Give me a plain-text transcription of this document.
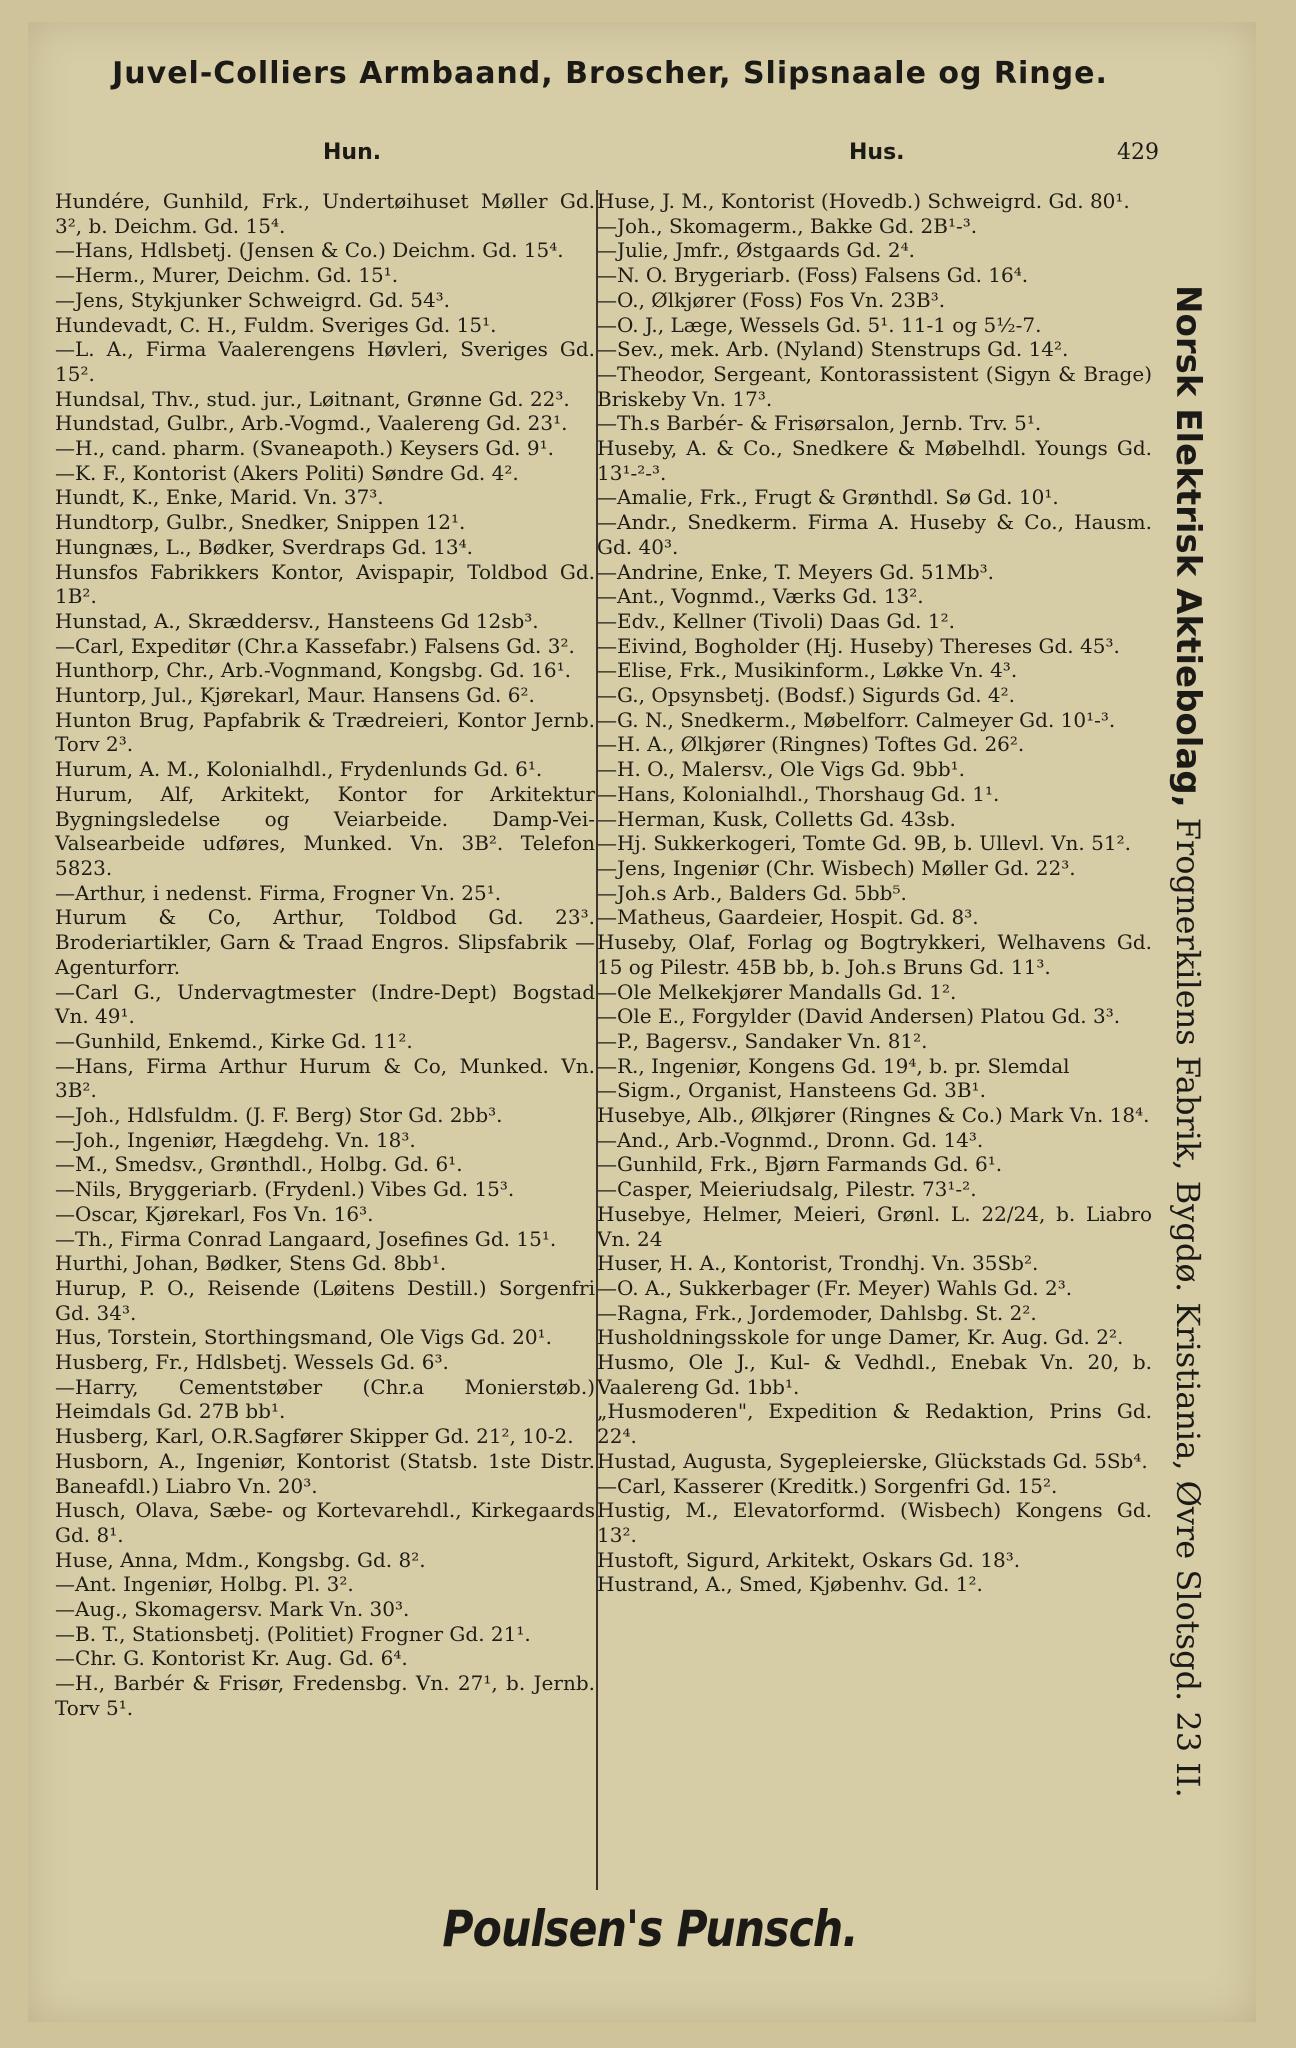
Juvel-Colliers Armbaand, Broscher, Slipsnaale og Ringe.
Hun.	Hus.	429

Hundére, Gunhild, Frk., Undertøihuset Møller Gd. 3², b. Deichm. Gd. 15⁴.

—Hans, Hdlsbetj. (Jensen & Co.) Deichm. Gd. 15⁴.

—Herm., Murer, Deichm. Gd. 15¹.

—Jens, Stykjunker Schweigrd. Gd. 54³.

Hundevadt, C. H., Fuldm. Sveriges Gd. 15¹.

—L. A., Firma Vaalerengens Høvleri, Sveriges Gd. 15².

Hundsal, Thv., stud. jur., Løitnant, Grønne Gd. 22³.

Hundstad, Gulbr., Arb.-Vogmd., Vaalereng Gd. 23¹.

—H., cand. pharm. (Svaneapoth.) Keysers Gd. 9¹.

—K. F., Kontorist (Akers Politi) Søndre Gd. 4².

Hundt, K., Enke, Marid. Vn. 37³.

Hundtorp, Gulbr., Snedker, Snippen 12¹.

Hungnæs, L., Bødker, Sverdraps Gd. 13⁴.

Hunsfos Fabrikkers Kontor, Avispapir, Toldbod Gd. 1B².

Hunstad, A., Skræddersv., Hansteens Gd 12sb³.

—Carl, Expeditør (Chr.a Kassefabr.) Falsens Gd. 3².

Hunthorp, Chr., Arb.-Vognmand, Kongsbg. Gd. 16¹.

Huntorp, Jul., Kjørekarl, Maur. Hansens Gd. 6².

Hunton Brug, Papfabrik & Trædreieri, Kontor Jernb. Torv 2³.

Hurum, A. M., Kolonialhdl., Frydenlunds Gd. 6¹.

Hurum, Alf, Arkitekt, Kontor for Arkitektur Bygningsledelse og Veiarbeide. Damp-Vei-Valsearbeide udføres, Munked. Vn. 3B². Telefon 5823.

—Arthur, i nedenst. Firma, Frogner Vn. 25¹.

Hurum & Co, Arthur, Toldbod Gd. 23³. Broderiartikler, Garn & Traad Engros. Slipsfabrik — Agenturforr.

—Carl G., Undervagtmester (Indre-Dept) Bogstad Vn. 49¹.

—Gunhild, Enkemd., Kirke Gd. 11².

—Hans, Firma Arthur Hurum & Co, Munked. Vn. 3B².

—Joh., Hdlsfuldm. (J. F. Berg) Stor Gd. 2bb³.

—Joh., Ingeniør, Hægdehg. Vn. 18³.

—M., Smedsv., Grønthdl., Holbg. Gd. 6¹.

—Nils, Bryggeriarb. (Frydenl.) Vibes Gd. 15³.

—Oscar, Kjørekarl, Fos Vn. 16³.

—Th., Firma Conrad Langaard, Josefines Gd. 15¹.

Hurthi, Johan, Bødker, Stens Gd. 8bb¹.

Hurup, P. O., Reisende (Løitens Destill.) Sorgenfri Gd. 34³.

Hus, Torstein, Storthingsmand, Ole Vigs Gd. 20¹.

Husberg, Fr., Hdlsbetj. Wessels Gd. 6³.

—Harry, Cementstøber (Chr.a Monierstøb.) Heimdals Gd. 27B bb¹.

Husberg, Karl, O.R.Sagfører Skipper Gd. 21², 10-2.

Husborn, A., Ingeniør, Kontorist (Statsb. 1ste Distr. Baneafdl.) Liabro Vn. 20³.

Husch, Olava, Sæbe- og Kortevarehdl., Kirkegaards Gd. 8¹.

Huse, Anna, Mdm., Kongsbg. Gd. 8².

—Ant. Ingeniør, Holbg. Pl. 3².

—Aug., Skomagersv. Mark Vn. 30³.

—B. T., Stationsbetj. (Politiet) Frogner Gd. 21¹.

—Chr. G. Kontorist Kr. Aug. Gd. 6⁴.

—H., Barbér & Frisør, Fredensbg. Vn. 27¹, b. Jernb. Torv 5¹.

Huse, J. M., Kontorist (Hovedb.) Schweigrd. Gd. 80¹.

—Joh., Skomagerm., Bakke Gd. 2B¹-³.

—Julie, Jmfr., Østgaards Gd. 2⁴.

—N. O. Brygeriarb. (Foss) Falsens Gd. 16⁴.

—O., Ølkjører (Foss) Fos Vn. 23B³.

—O. J., Læge, Wessels Gd. 5¹. 11-1 og 5½-7.

—Sev., mek. Arb. (Nyland) Stenstrups Gd. 14².

—Theodor, Sergeant, Kontorassistent (Sigyn & Brage) Briskeby Vn. 17³.

—Th.s Barbér- & Frisørsalon, Jernb. Trv. 5¹.

Huseby, A. & Co., Snedkere & Møbelhdl. Youngs Gd. 13¹-²-³.

—Amalie, Frk., Frugt & Grønthdl. Sø Gd. 10¹.

—Andr., Snedkerm. Firma A. Huseby & Co., Hausm. Gd. 40³.

—Andrine, Enke, T. Meyers Gd. 51Mb³.

—Ant., Vognmd., Værks Gd. 13².

—Edv., Kellner (Tivoli) Daas Gd. 1².

—Eivind, Bogholder (Hj. Huseby) Thereses Gd. 45³.

—Elise, Frk., Musikinform., Løkke Vn. 4³.

—G., Opsynsbetj. (Bodsf.) Sigurds Gd. 4².

—G. N., Snedkerm., Møbelforr. Calmeyer Gd. 10¹-³.

—H. A., Ølkjører (Ringnes) Toftes Gd. 26².

—H. O., Malersv., Ole Vigs Gd. 9bb¹.

—Hans, Kolonialhdl., Thorshaug Gd. 1¹.

—Herman, Kusk, Colletts Gd. 43sb.

—Hj. Sukkerkogeri, Tomte Gd. 9B, b. Ullevl. Vn. 51².

—Jens, Ingeniør (Chr. Wisbech) Møller Gd. 22³.

—Joh.s Arb., Balders Gd. 5bb⁵.

—Matheus, Gaardeier, Hospit. Gd. 8³.

Huseby, Olaf, Forlag og Bogtrykkeri, Welhavens Gd. 15 og Pilestr. 45B bb, b. Joh.s Bruns Gd. 11³.

—Ole Melkekjører Mandalls Gd. 1².

—Ole E., Forgylder (David Andersen) Platou Gd. 3³.

—P., Bagersv., Sandaker Vn. 81².

—R., Ingeniør, Kongens Gd. 19⁴, b. pr. Slemdal

—Sigm., Organist, Hansteens Gd. 3B¹.

Husebye, Alb., Ølkjører (Ringnes & Co.) Mark Vn. 18⁴.

—And., Arb.-Vognmd., Dronn. Gd. 14³.

—Gunhild, Frk., Bjørn Farmands Gd. 6¹.

—Casper, Meieriudsalg, Pilestr. 73¹-².

Husebye, Helmer, Meieri, Grønl. L. 22/24, b. Liabro Vn. 24

Huser, H. A., Kontorist, Trondhj. Vn. 35Sb².

—O. A., Sukkerbager (Fr. Meyer) Wahls Gd. 2³.

—Ragna, Frk., Jordemoder, Dahlsbg. St. 2².

Husholdningsskole for unge Damer, Kr. Aug. Gd. 2².

Husmo, Ole J., Kul- & Vedhdl., Enebak Vn. 20, b. Vaalereng Gd. 1bb¹.

„Husmoderen", Expedition & Redaktion, Prins Gd. 22⁴.

Hustad, Augusta, Sygepleierske, Glückstads Gd. 5Sb⁴.

—Carl, Kasserer (Kreditk.) Sorgenfri Gd. 15².

Hustig, M., Elevatorformd. (Wisbech) Kongens Gd. 13².

Hustoft, Sigurd, Arkitekt, Oskars Gd. 18³.

Hustrand, A., Smed, Kjøbenhv. Gd. 1².

Norsk Elektrisk Aktiebolag, Frognerkilens Fabrik, Bygdø. Kristiania, Øvre Slotsgd. 23 II.
Poulsen's Punsch.
